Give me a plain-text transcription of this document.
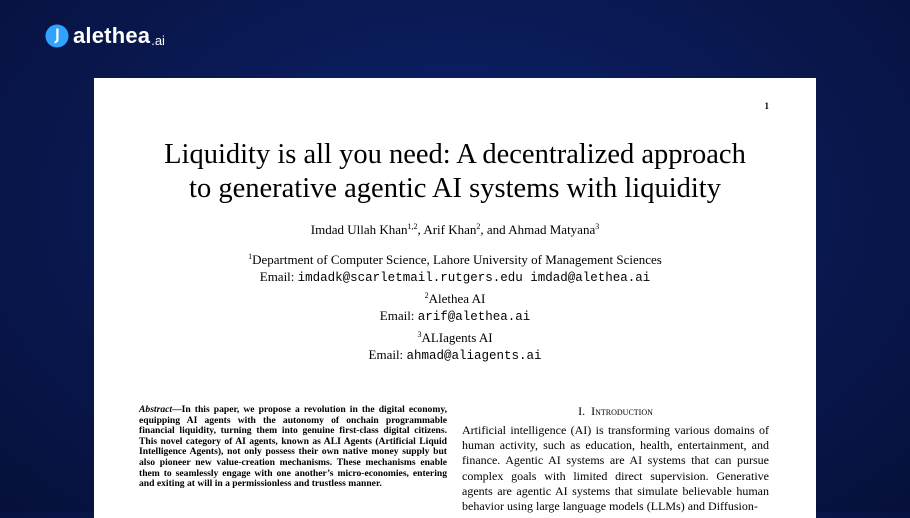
alethea .ai
1
Liquidity is all you need: A decentralized approach
to generative agentic AI systems with liquidity
Imdad Ullah Khan$^{1,2}$, Arif Khan$^2$, and Ahmad Matyana$^3$
$^1$Department of Computer Science, Lahore University of Management Sciences
Email: imdadk@scarletmail.rutgers.edu imdad@alethea.ai
$^2$Alethea AI
Email: arif@alethea.ai
$^3$ALIagents AI
Email: ahmad@aliagents.ai
Abstract—In this paper, we propose a revolution in the digital economy, equipping AI agents with the autonomy of onchain programmable financial liquidity, turning them into genuine first-class digital citizens. This novel category of AI agents, known as ALI Agents (Artificial Liquid Intelligence Agents), not only possess their own native money supply but also pioneer new value-creation mechanisms. These mechanisms enable them to seamlessly engage with one another’s micro-economies, entering and exiting at will in a permissionless and trustless manner.
I. Introduction
Artificial intelligence (AI) is transforming various domains of human activity, such as education, health, entertainment, and finance. Agentic AI systems are AI systems that can pursue complex goals with limited direct supervision. Generative agents are agentic AI systems that simulate believable human behavior using large language models (LLMs) and Diffusion-
